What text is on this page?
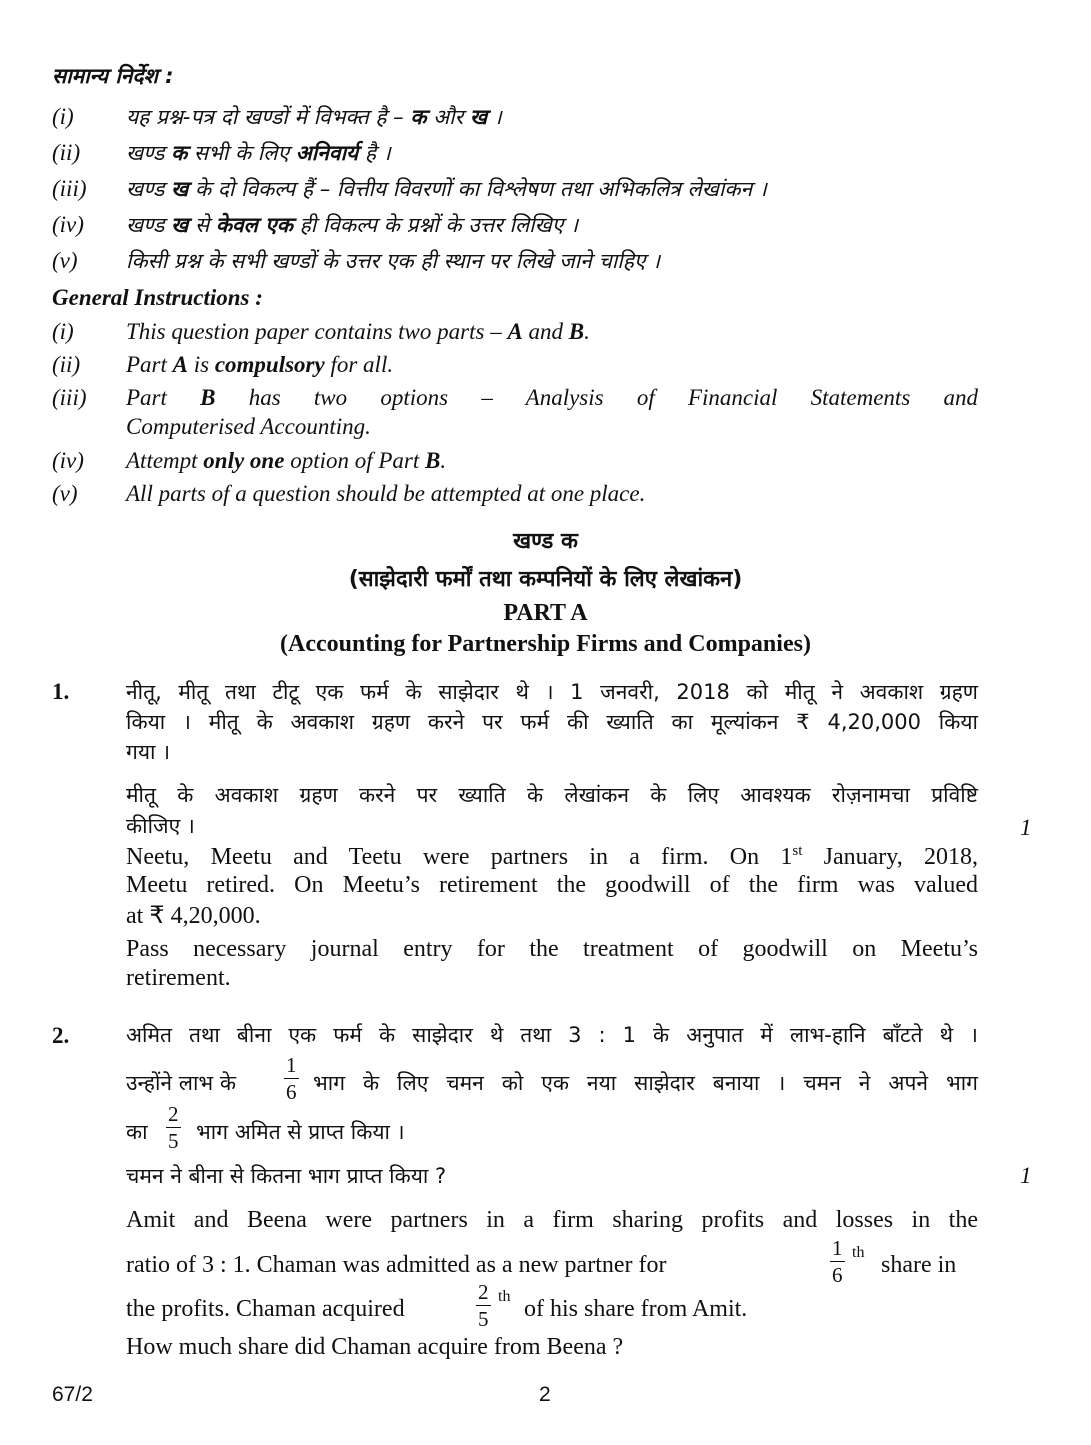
सामान्य निर्देश :
(i) यह प्रश्न-पत्र दो खण्डों में विभक्त है – क और ख ।
(ii) खण्ड क सभी के लिए अनिवार्य है ।
(iii) खण्ड ख के दो विकल्प हैं – वित्तीय विवरणों का विश्लेषण तथा अभिकलित्र लेखांकन ।
(iv) खण्ड ख से केवल एक ही विकल्प के प्रश्नों के उत्तर लिखिए ।
(v) किसी प्रश्न के सभी खण्डों के उत्तर एक ही स्थान पर लिखे जाने चाहिए ।
General Instructions :
(i) This question paper contains two parts – A and B.
(ii) Part A is compulsory for all.
(iii) Part B has two options – Analysis of Financial Statements and
Computerised Accounting.
(iv) Attempt only one option of Part B.
(v) All parts of a question should be attempted at one place.
खण्ड क
(साझेदारी फर्मों तथा कम्पनियों के लिए लेखांकन)
PART A
(Accounting for Partnership Firms and Companies)
1.	नीतू, मीतू तथा टीटू एक फर्म के साझेदार थे । 1 जनवरी, 2018 को मीतू ने अवकाश ग्रहण
किया । मीतू के अवकाश ग्रहण करने पर फर्म की ख्याति का मूल्यांकन ₹ 4,20,000 किया
गया ।
मीतू के अवकाश ग्रहण करने पर ख्याति के लेखांकन के लिए आवश्यक रोज़नामचा प्रविष्टि
कीजिए ।	1
Neetu, Meetu and Teetu were partners in a firm. On 1st January, 2018,
Meetu retired. On Meetu’s retirement the goodwill of the firm was valued
at ₹ 4,20,000.
Pass necessary journal entry for the treatment of goodwill on Meetu’s
retirement.
2.	अमित तथा बीना एक फर्म के साझेदार थे तथा 3 : 1 के अनुपात में लाभ-हानि बाँटते थे ।
उन्होंने लाभ के $\frac{1}{6}$ भाग के लिए चमन को एक नया साझेदार बनाया । चमन ने अपने भाग
का $\frac{2}{5}$ भाग अमित से प्राप्त किया ।
चमन ने बीना से कितना भाग प्राप्त किया ?	1
Amit and Beena were partners in a firm sharing profits and losses in the
ratio of 3 : 1. Chaman was admitted as a new partner for	$\frac{1}{6}$ th share in
the profits. Chaman acquired	$\frac{2}{5}$ th of his share from Amit.
How much share did Chaman acquire from Beena ?
67/2	2
